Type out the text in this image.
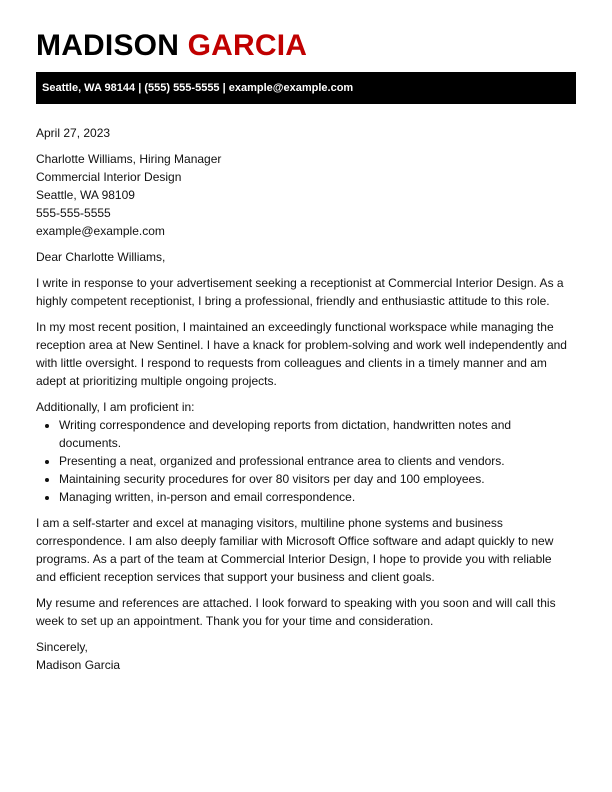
MADISON GARCIA
Seattle, WA 98144 | (555) 555-5555 | example@example.com

April 27, 2023

Charlotte Williams, Hiring Manager
Commercial Interior Design
Seattle, WA 98109
555-555-5555
example@example.com

Dear Charlotte Williams,

I write in response to your advertisement seeking a receptionist at Commercial Interior Design. As a highly competent receptionist, I bring a professional, friendly and enthusiastic attitude to this role.

In my most recent position, I maintained an exceedingly functional workspace while managing the reception area at New Sentinel. I have a knack for problem-solving and work well independently and with little oversight. I respond to requests from colleagues and clients in a timely manner and am adept at prioritizing multiple ongoing projects.

Additionally, I am proficient in:

• Writing correspondence and developing reports from dictation, handwritten notes and documents.
• Presenting a neat, organized and professional entrance area to clients and vendors.
• Maintaining security procedures for over 80 visitors per day and 100 employees.
• Managing written, in-person and email correspondence.

I am a self-starter and excel at managing visitors, multiline phone systems and business correspondence. I am also deeply familiar with Microsoft Office software and adapt quickly to new programs. As a part of the team at Commercial Interior Design, I hope to provide you with reliable and efficient reception services that support your business and client goals.

My resume and references are attached. I look forward to speaking with you soon and will call this week to set up an appointment. Thank you for your time and consideration.

Sincerely,
Madison Garcia
